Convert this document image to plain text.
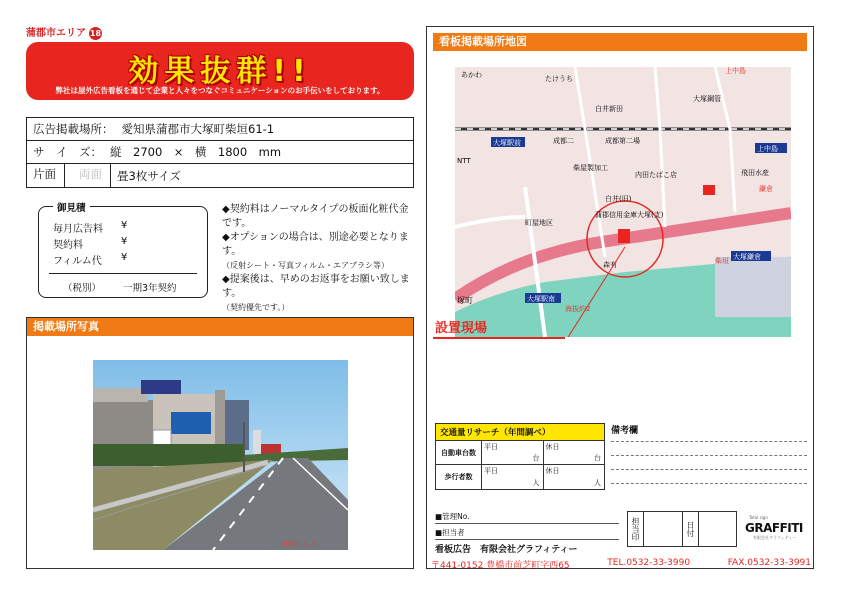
蒲郡市エリア 18
効果抜群!!
弊社は屋外広告看板を通じて企業と人々をつなぐコミュニケーションのお手伝いをしております。
広告掲載場所： 愛知県蒲郡市大塚町柴垣61-1
サ　イ　ズ： 縦　2700　×　横　1800　mm
片面	両面	畳3枚サイズ
御見積
毎月広告料 ¥
契約料	¥
フィルム代 ¥
（税別） 一期3年契約
◆契約料はノーマルタイプの板面化粧代金です。
◆オプションの場合は、別途必要となります。
（反射シート・写真フィルム・エアブラシ等）
◆提案後は、早めのお返事をお願い致します。
（契約優先です。）
掲載場所写真
2008. 1. 8
看板掲載場所地図
あかわ	たけうち
大塚鋼管
白井新田
成都二	成都第二場
柴屋製加工
内田たばこ店
白井(旧)
蒲郡信用金庫大塚(支)
町屋地区
森有
塚町
海抜約2
飛田水産
鎌倉
上中島
柴垣
NTT
大塚駅前
上中島
大塚駅南
大塚鎌倉
設置現場
交通量リサーチ（年間調べ）
自動車台数
平日
台
休日
台
歩行者数
平日
人
休日
人
備考欄
■管理No.
■担当者	担当印	日付
Total sign
GRAFFITI
有限会社グラフィティー
看板広告　有限会社グラフィティー
〒441-0152 豊橋市前芝町字西65	TEL.0532-33-3990	FAX.0532-33-3991
